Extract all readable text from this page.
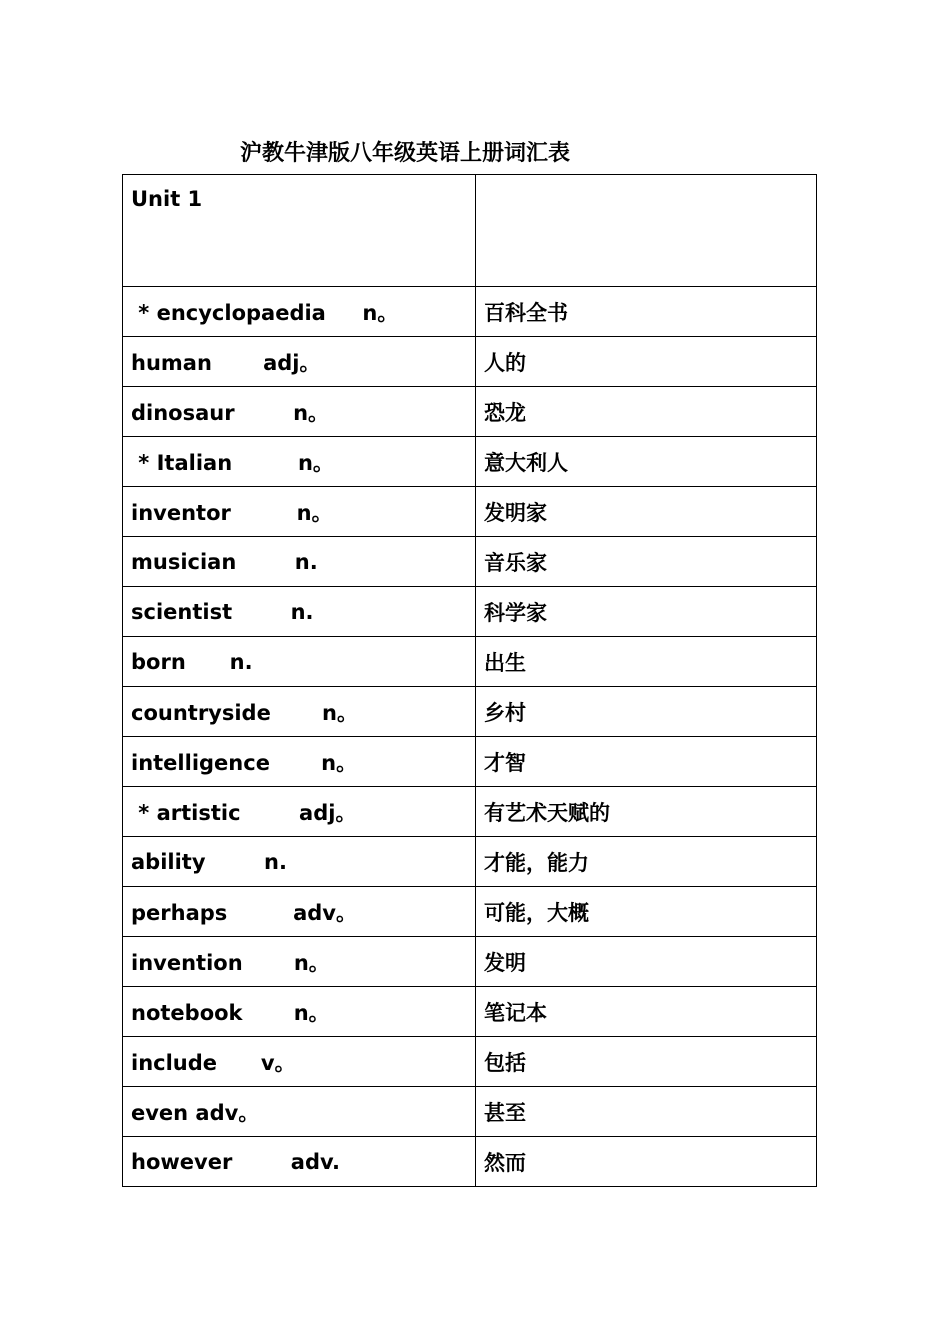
沪教牛津版八年级英语上册词汇表
Unit 1	
* encyclopaedia     n。	百科全书
human       adj。	人的
dinosaur        n。	恐龙
* Italian         n。	意大利人
inventor         n。	发明家
musician        n.	音乐家
scientist        n.	科学家
born      n.	出生
countryside       n。	乡村
intelligence       n。	才智
* artistic        adj。	有艺术天赋的
ability        n.	才能，能力
perhaps         adv。	可能，大概
invention       n。	发明
notebook       n。	笔记本
include      v。	包括
even adv。	甚至
however        adv.	然而
